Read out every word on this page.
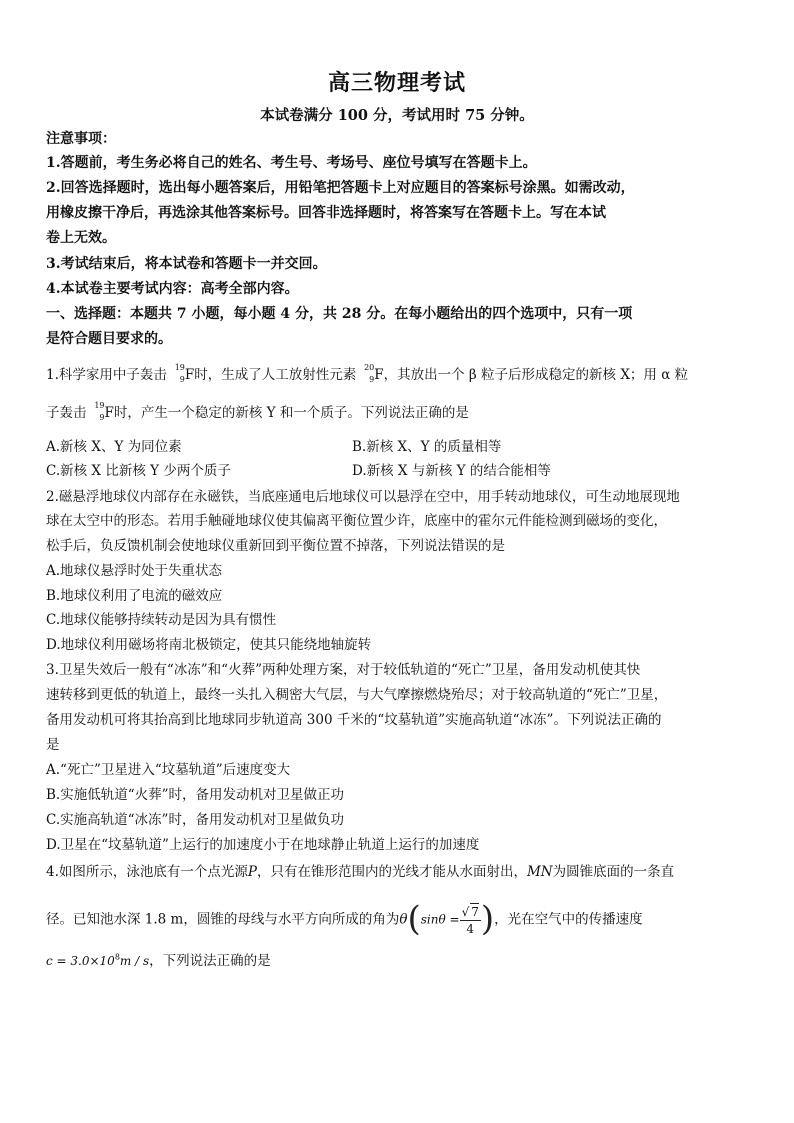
高三物理考试
本试卷满分 100 分，考试用时 75 分钟。
注意事项：
1.答题前，考生务必将自己的姓名、考生号、考场号、座位号填写在答题卡上。
2.回答选择题时，选出每小题答案后，用铅笔把答题卡上对应题目的答案标号涂黑。如需改动，
用橡皮擦干净后，再选涂其他答案标号。回答非选择题时，将答案写在答题卡上。写在本试
卷上无效。
3.考试结束后，将本试卷和答题卡一并交回。
4.本试卷主要考试内容：高考全部内容。
一、选择题：本题共 7 小题，每小题 4 分，共 28 分。在每小题给出的四个选项中，只有一项
是符合题目要求的。
1.科学家用中子轰击 19
9 F时，生成了人工放射性元素 20
9 F，其放出一个 β 粒子后形成稳定的新核 X；用 α 粒
子轰击 19
9 F时，产生一个稳定的新核 Y 和一个质子。下列说法正确的是
A.新核 X、Y 为同位素	B.新核 X、Y 的质量相等
C.新核 X 比新核 Y 少两个质子	D.新核 X 与新核 Y 的结合能相等
2.磁悬浮地球仪内部存在永磁铁，当底座通电后地球仪可以悬浮在空中，用手转动地球仪，可生动地展现地
球在太空中的形态。若用手触碰地球仪使其偏离平衡位置少许，底座中的霍尔元件能检测到磁场的变化，
松手后，负反馈机制会使地球仪重新回到平衡位置不掉落，下列说法错误的是
A.地球仪悬浮时处于失重状态
B.地球仪利用了电流的磁效应
C.地球仪能够持续转动是因为具有惯性
D.地球仪利用磁场将南北极锁定，使其只能绕地轴旋转
3.卫星失效后一般有“冰冻”和“火葬”两种处理方案，对于较低轨道的“死亡”卫星，备用发动机使其快
速转移到更低的轨道上，最终一头扎入稠密大气层，与大气摩擦燃烧殆尽；对于较高轨道的“死亡”卫星，
备用发动机可将其抬高到比地球同步轨道高 300 千米的“坟墓轨道”实施高轨道“冰冻”。下列说法正确的
是
A.“死亡”卫星进入“坟墓轨道”后速度变大
B.实施低轨道“火葬”时，备用发动机对卫星做正功
C.实施高轨道“冰冻”时，备用发动机对卫星做负功
D.卫星在“坟墓轨道”上运行的加速度小于在地球静止轨道上运行的加速度
4.如图所示，泳池底有一个点光源P，只有在锥形范围内的光线才能从水面射出，MN为圆锥底面的一条直
径。已知池水深 1.8 m，圆锥的母线与水平方向所成的角为$\theta(\sin\theta = \frac{√ 7}{4}$ )，光在空气中的传播速度
$c = 3.0\times 10^8m / s$，下列说法正确的是
